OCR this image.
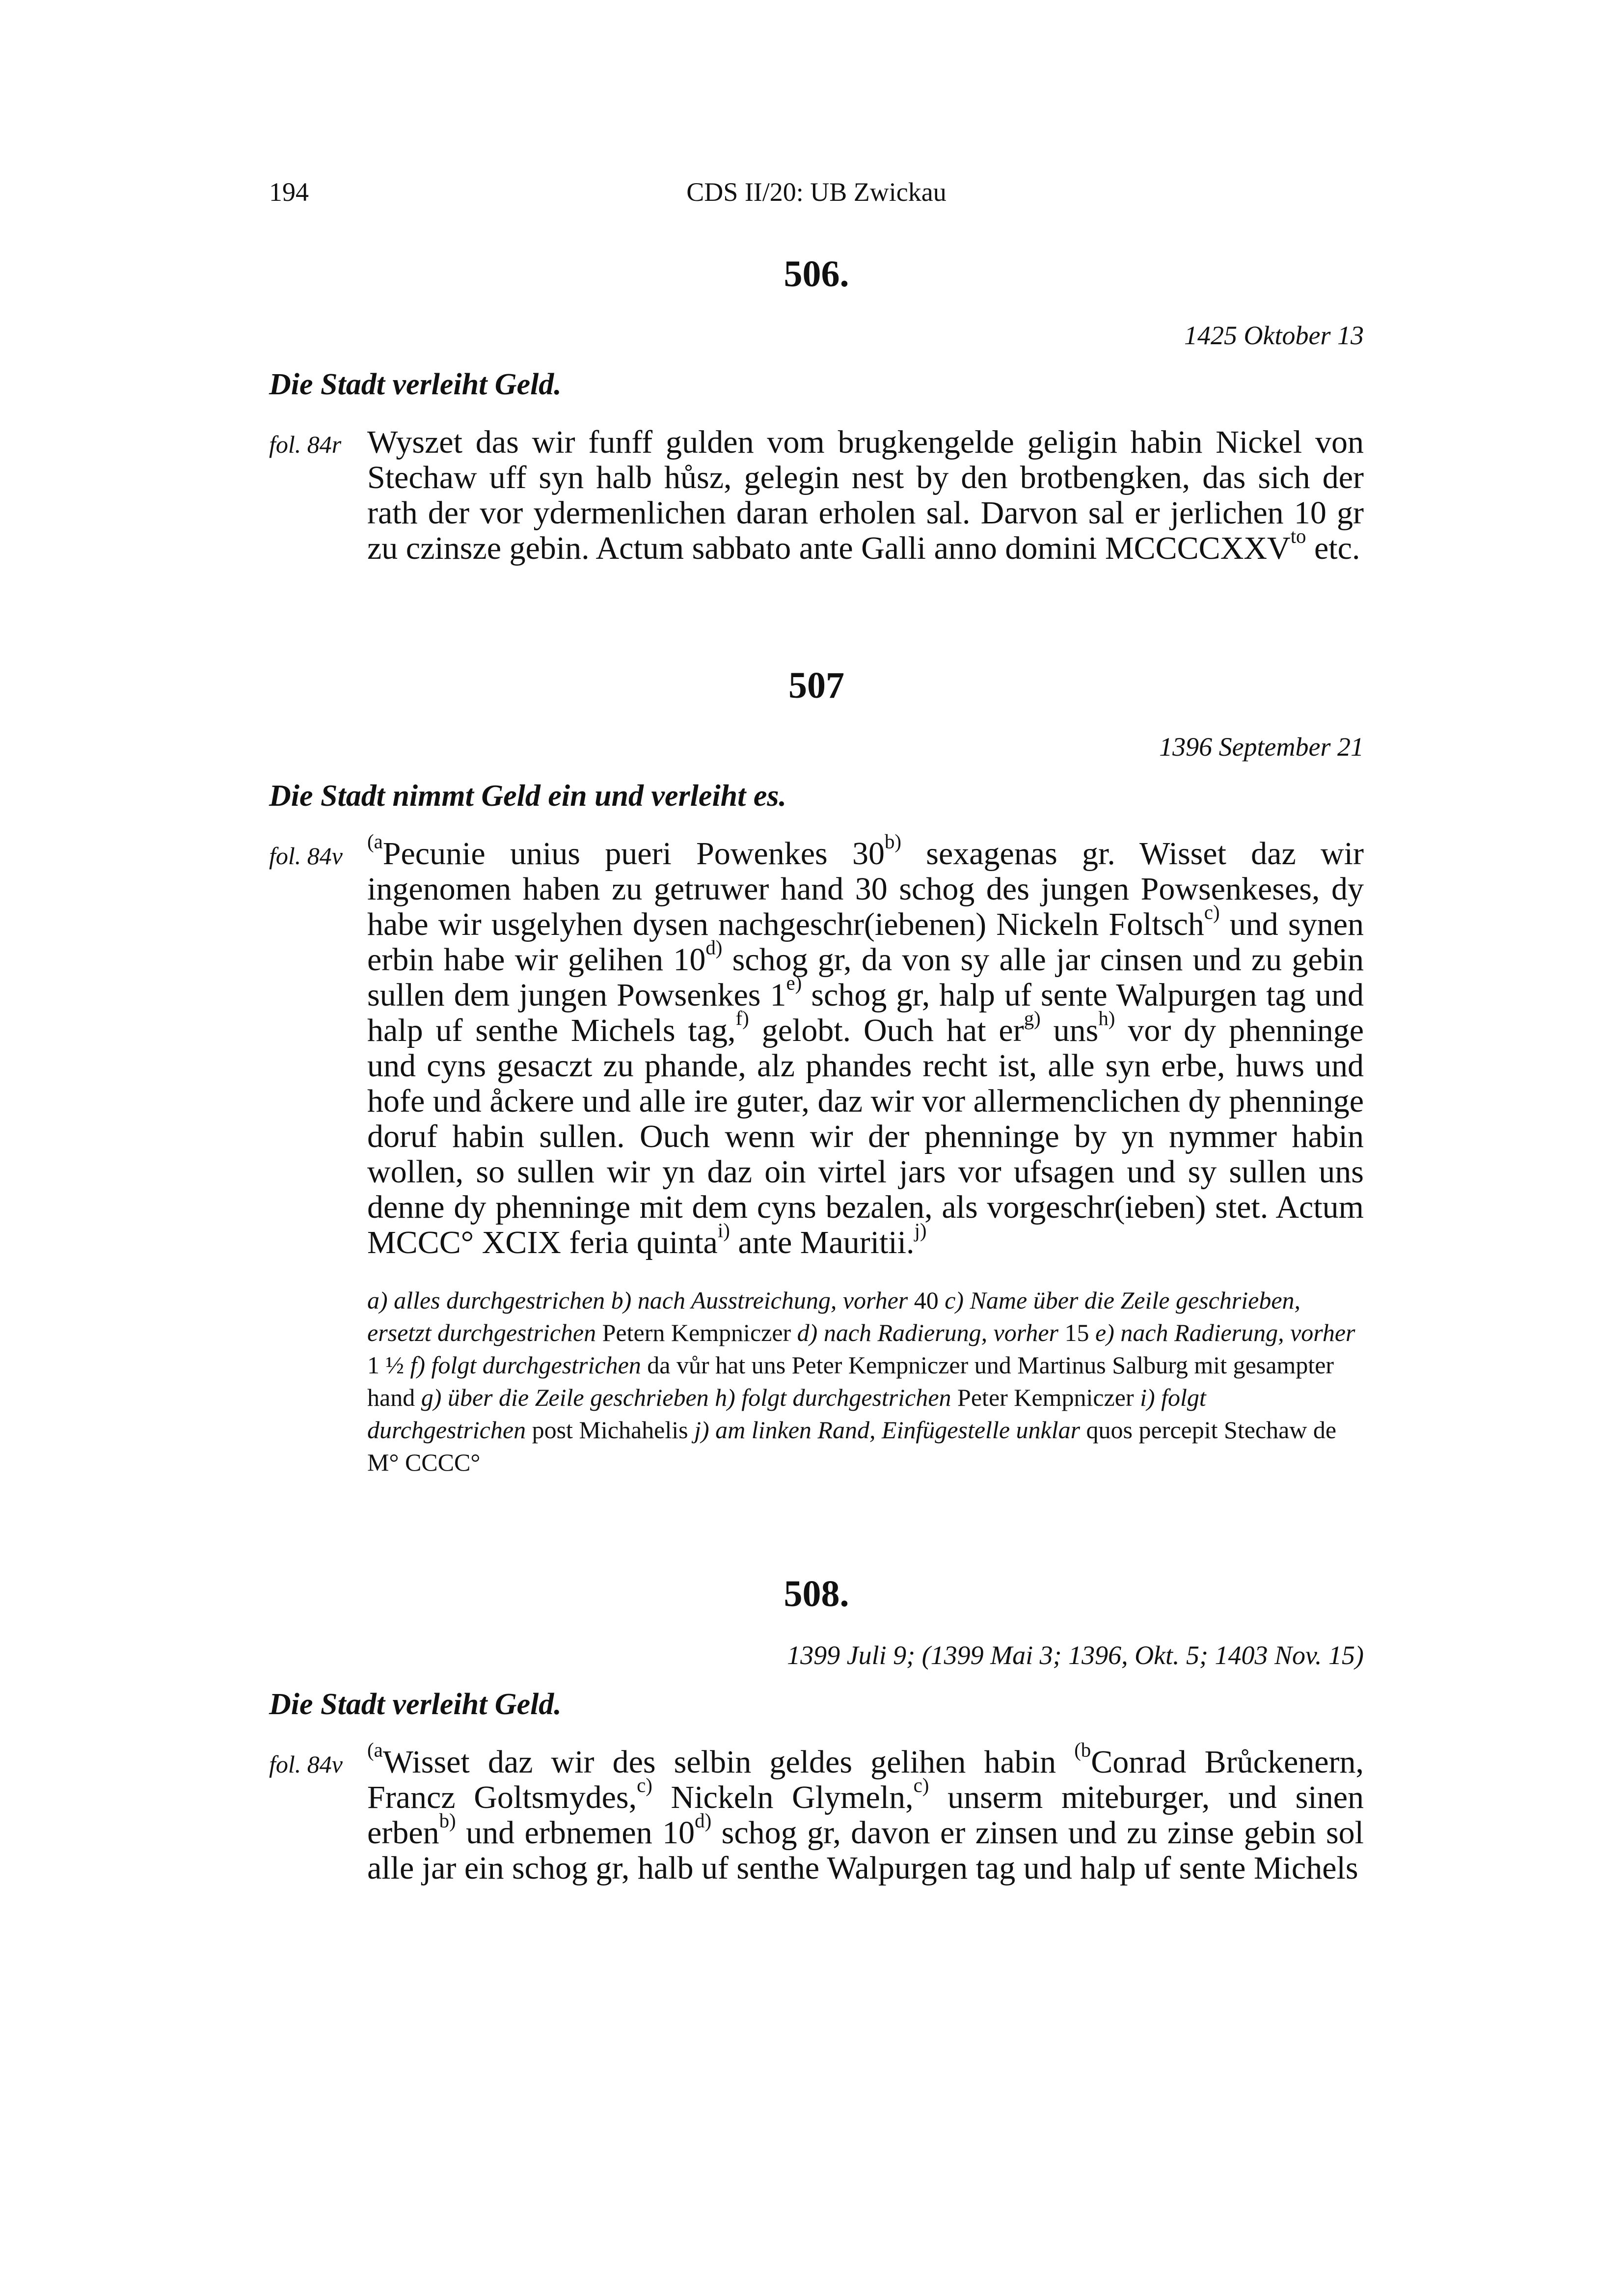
194	CDS II/20: UB Zwickau
506.
1425 Oktober 13
Die Stadt verleiht Geld.
fol. 84r Wyszet das wir funff gulden vom brugkengelde geligin habin Nickel von Stechaw uff syn halb hůsz, gelegin nest by den brotbengken, das sich der rath der vor ydermenlichen daran erholen sal. Darvon sal er jerlichen 10 gr zu czinsze gebin. Actum sabbato ante Galli anno domini $MCCCCXXV^{to}$ etc.
507
1396 September 21
Die Stadt nimmt Geld ein und verleiht es.
fol. 84v
$^{(a}$Pecunie unius pueri Powenkes 30$^{b)}$ sexagenas gr. Wisset daz wir ingenomen haben zu getruwer hand 30 schog des jungen Powsenkeses, dy habe wir usgelyhen dysen nachgeschr(iebenen) Nickeln Foltsch$^{c)}$ und synen erbin habe wir gelihen 10$^{d)}$ schog gr, da von sy alle jar cinsen und zu gebin sullen dem jungen Powsenkes 1$^{e)}$ schog gr, halp uf sente Walpurgen tag und halp uf senthe Michels tag,$^{f)}$ gelobt. Ouch hat $er^{g)}$ uns$^{h)}$ vor dy phenninge und cyns gesaczt zu phande, alz phandes recht ist, alle syn erbe, huws und hofe und åckere und alle ire guter, daz wir vor allermenclichen dy phenninge doruf habin sullen. Ouch wenn wir der phenninge by yn nymmer habin wollen, so sullen wir yn daz oin virtel jars vor ufsagen und sy sullen uns denne dy phenninge mit dem cyns bezalen, als vorgeschr(ieben) stet. Actum MCCC° XCIX feria quinta$^{i)}$ ante Mauritii.$^{j)}$
a) alles durchgestrichen b) nach Ausstreichung, vorher 40 c) Name über die Zeile geschrieben, ersetzt durchgestrichen Petern Kempniczer d) nach Radierung, vorher 15 e) nach Radierung, vorher 1 ½ f) folgt durchgestrichen da vůr hat uns Peter Kempniczer und Martinus Salburg mit gesampter hand g) über die Zeile geschrieben h) folgt durchgestrichen Peter Kempniczer i) folgt durchgestrichen post Michahelis j) am linken Rand, Einfügestelle unklar quos percepit Stechaw de M° CCCC°
508.
1399 Juli 9; (1399 Mai 3; 1396, Okt. 5; 1403 Nov. 15)
Die Stadt verleiht Geld.
fol. 84v
$^{(a}$Wisset daz wir des selbin geldes gelihen habin $^{(b}$Conrad Brůckenern, Francz Goltsmydes,$^{c)}$ Nickeln Glymeln,$^{c)}$ unserm miteburger, und sinen erben$^{b)}$ und erbnemen 10$^{d)}$ schog gr, davon er zinsen und zu zinse gebin sol alle jar ein schog gr, halb uf senthe Walpurgen tag und halp uf sente Michels
